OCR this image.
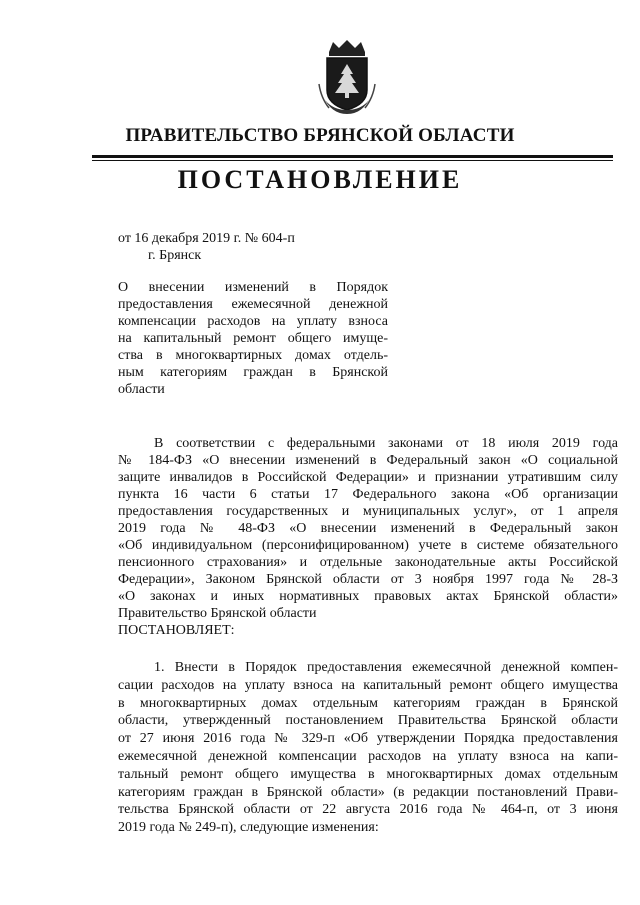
ПРАВИТЕЛЬСТВО БРЯНСКОЙ ОБЛАСТИ
ПОСТАНОВЛЕНИЕ
от 16 декабря 2019 г. № 604-п
г. Брянск
О внесении изменений в Порядок
предоставления ежемесячной денежной
компенсации расходов на уплату взноса
на капитальный ремонт общего имуще-
ства в многоквартирных домах отдель-
ным категориям граждан в Брянской
области
В соответствии с федеральными законами от 18 июля 2019 года
№ 184-ФЗ «О внесении изменений в Федеральный закон «О социальной
защите инвалидов в Российской Федерации» и признании утратившим силу
пункта 16 части 6 статьи 17 Федерального закона «Об организации
предоставления государственных и муниципальных услуг», от 1 апреля
2019 года № 48-ФЗ «О внесении изменений в Федеральный закон
«Об индивидуальном (персонифицированном) учете в системе обязательного
пенсионного страхования» и отдельные законодательные акты Российской
Федерации», Законом Брянской области от 3 ноября 1997 года № 28-З
«О законах и иных нормативных правовых актах Брянской области»
Правительство Брянской области
ПОСТАНОВЛЯЕТ:
1. Внести в Порядок предоставления ежемесячной денежной компен-
сации расходов на уплату взноса на капитальный ремонт общего имущества
в многоквартирных домах отдельным категориям граждан в Брянской
области, утвержденный постановлением Правительства Брянской области
от 27 июня 2016 года № 329-п «Об утверждении Порядка предоставления
ежемесячной денежной компенсации расходов на уплату взноса на капи-
тальный ремонт общего имущества в многоквартирных домах отдельным
категориям граждан в Брянской области» (в редакции постановлений Прави-
тельства Брянской области от 22 августа 2016 года № 464-п, от 3 июня
2019 года № 249-п), следующие изменения:
